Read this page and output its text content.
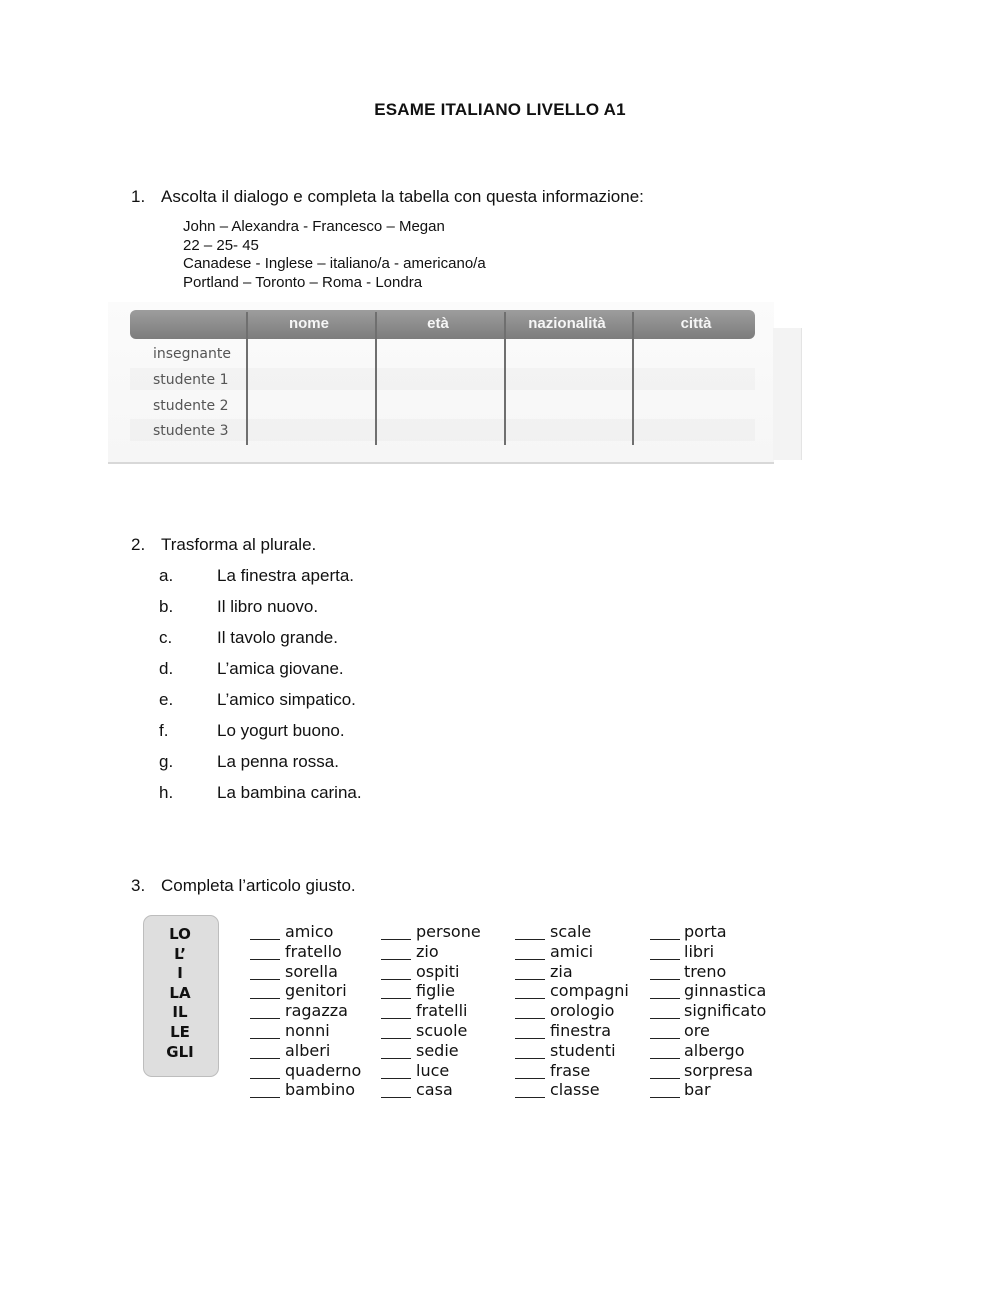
ESAME ITALIANO LIVELLO A1
1. Ascolta il dialogo e completa la tabella con questa informazione:
John – Alexandra - Francesco – Megan
22 – 25- 45
Canadese - Inglese – italiano/a - americano/a
Portland – Toronto – Roma - Londra
nome	età	nazionalità	città
insegnante
studente 1
studente 2
studente 3
2. Trasforma al plurale.
a.	La finestra aperta.
b.	Il libro nuovo.
c.	Il tavolo grande.
d.	L’amica giovane.
e.	L’amico simpatico.
f.	Lo yogurt buono.
g.	La penna rossa.
h.	La bambina carina.
3. Completa l’articolo giusto.
LO
L’
I
LA
IL
LE
GLI
amico
fratello
sorella
genitori
ragazza
nonni
alberi
quaderno
bambino
persone
zio
ospiti
figlie
fratelli
scuole
sedie
luce
casa
scale
amici
zia
compagni
orologio
finestra
studenti
frase
classe
porta
libri
treno
ginnastica
significato
ore
albergo
sorpresa
bar
